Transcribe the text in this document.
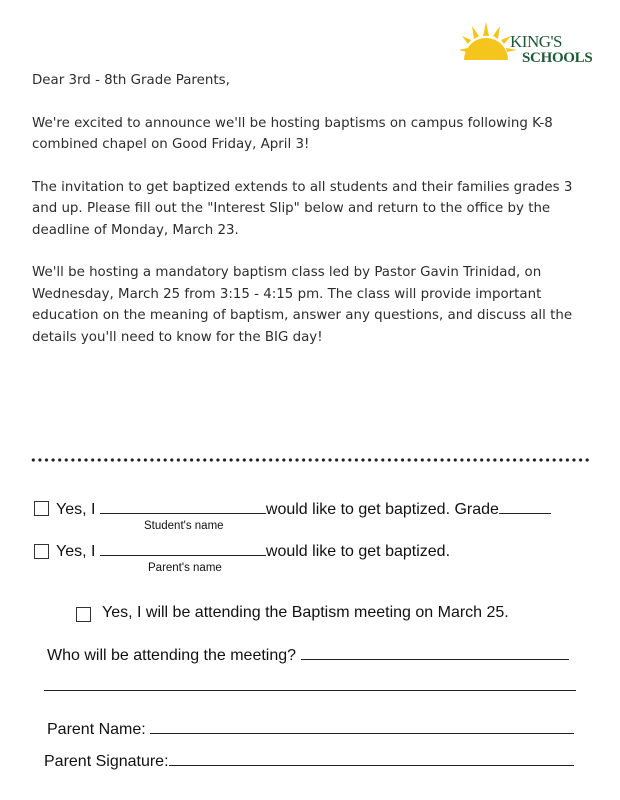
KING'S
SCHOOLS

Dear 3rd - 8th Grade Parents,

We're excited to announce we'll be hosting baptisms on campus following K-8 combined chapel on Good Friday, April 3!

The invitation to get baptized extends to all students and their families grades 3 and up. Please fill out the "Interest Slip" below and return to the office by the deadline of Monday, March 23.

We'll be hosting a mandatory baptism class led by Pastor Gavin Trinidad, on Wednesday, March 25 from 3:15 - 4:15 pm. The class will provide important education on the meaning of baptism, answer any questions, and discuss all the details you'll need to know for the BIG day!

Yes, I	would like to get baptized. Grade
Student's name
Yes, I	would like to get baptized.
Parent's name
Yes, I will be attending the Baptism meeting on March 25.
Who will be attending the meeting?
Parent Name:
Parent Signature:
